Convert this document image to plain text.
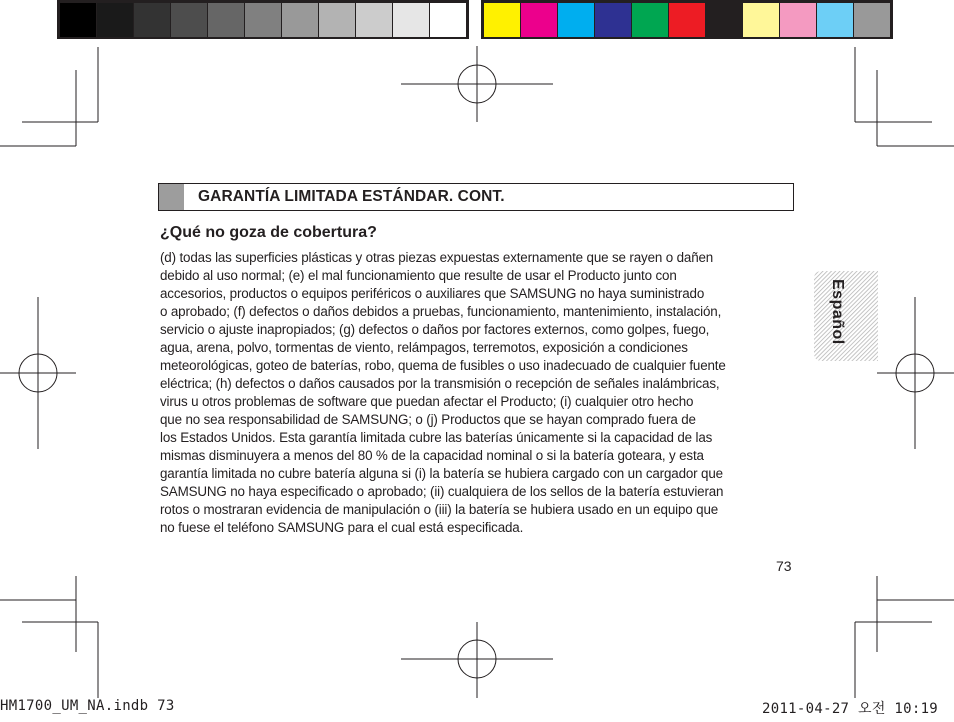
GARANTÍA LIMITADA ESTÁNDAR. CONT.
¿Qué no goza de cobertura?

(d) todas las superficies plásticas y otras piezas expuestas externamente que se rayen o dañen

debido al uso normal; (e) el mal funcionamiento que resulte de usar el Producto junto con

accesorios, productos o equipos periféricos o auxiliares que SAMSUNG no haya suministrado

o aprobado; (f) defectos o daños debidos a pruebas, funcionamiento, mantenimiento, instalación,

servicio o ajuste inapropiados; (g) defectos o daños por factores externos, como golpes, fuego,

agua, arena, polvo, tormentas de viento, relámpagos, terremotos, exposición a condiciones

meteorológicas, goteo de baterías, robo, quema de fusibles o uso inadecuado de cualquier fuente

eléctrica; (h) defectos o daños causados por la transmisión o recepción de señales inalámbricas,

virus u otros problemas de software que puedan afectar el Producto; (i) cualquier otro hecho

que no sea responsabilidad de SAMSUNG; o (j) Productos que se hayan comprado fuera de

los Estados Unidos. Esta garantía limitada cubre las baterías únicamente si la capacidad de las

mismas disminuyera a menos del 80 % de la capacidad nominal o si la batería goteara, y esta

garantía limitada no cubre batería alguna si (i) la batería se hubiera cargado con un cargador que

SAMSUNG no haya especificado o aprobado; (ii) cualquiera de los sellos de la batería estuvieran

rotos o mostraran evidencia de manipulación o (iii) la batería se hubiera usado en un equipo que

no fuese el teléfono SAMSUNG para el cual está especificada.

Español
73
HM1700_UM_NA.indb 73	2011-04-27 오전 10:19
